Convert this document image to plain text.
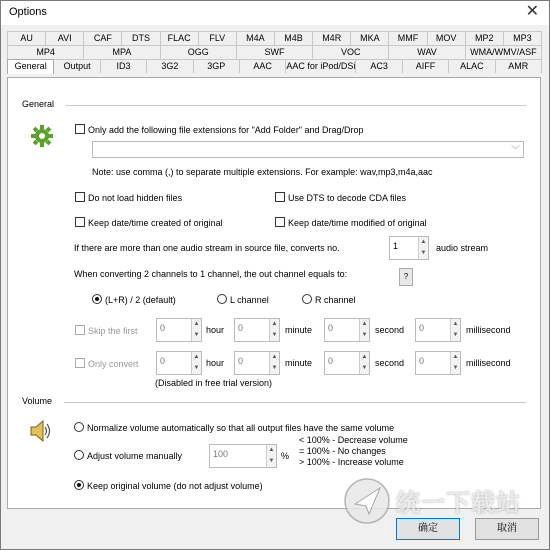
Options	✕
AU	AVI	CAF	DTS	FLAC	FLV	M4A	M4B	M4R	MKA	MMF	MOV	MP2	MP3
MP4	MPA	OGG	SWF	VOC	WAV	WMA/WMV/ASF
General	Output	ID3	3G2	3GP	AAC	AAC for iPod/DSi	AC3	AIFF	ALAC	AMR
General
Only add the following file extensions for "Add Folder" and Drag/Drop
﹀
Note: use comma (,) to separate multiple extensions. For example: wav,mp3,m4a,aac
Do not load hidden files	Use DTS to decode CDA files
Keep date/time created of original	Keep date/time modified of original
If there are more than one audio stream in source file, converts no.	1	▲
▼ audio stream
When converting 2 channels to 1 channel, the out channel equals to:	?
(L+R) / 2 (default)	L channel	R channel
Skip the first 0	▲
▼ hour 0	▲
▼ minute 0	▲
▼ second 0	▲
▼ millisecond
Only convert 0	▲
▼ hour 0	▲
▼ minute 0	▲
▼ second 0	▲
▼ millisecond
(Disabled in free trial version)
Volume
Normalize volume automatically so that all output files have the same volume
Adjust volume manually	100	▲
▼ %
< 100% - Decrease volume
= 100% - No changes
> 100% - Increase volume
Keep original volume (do not adjust volume)
统一下载站
确定	取消
